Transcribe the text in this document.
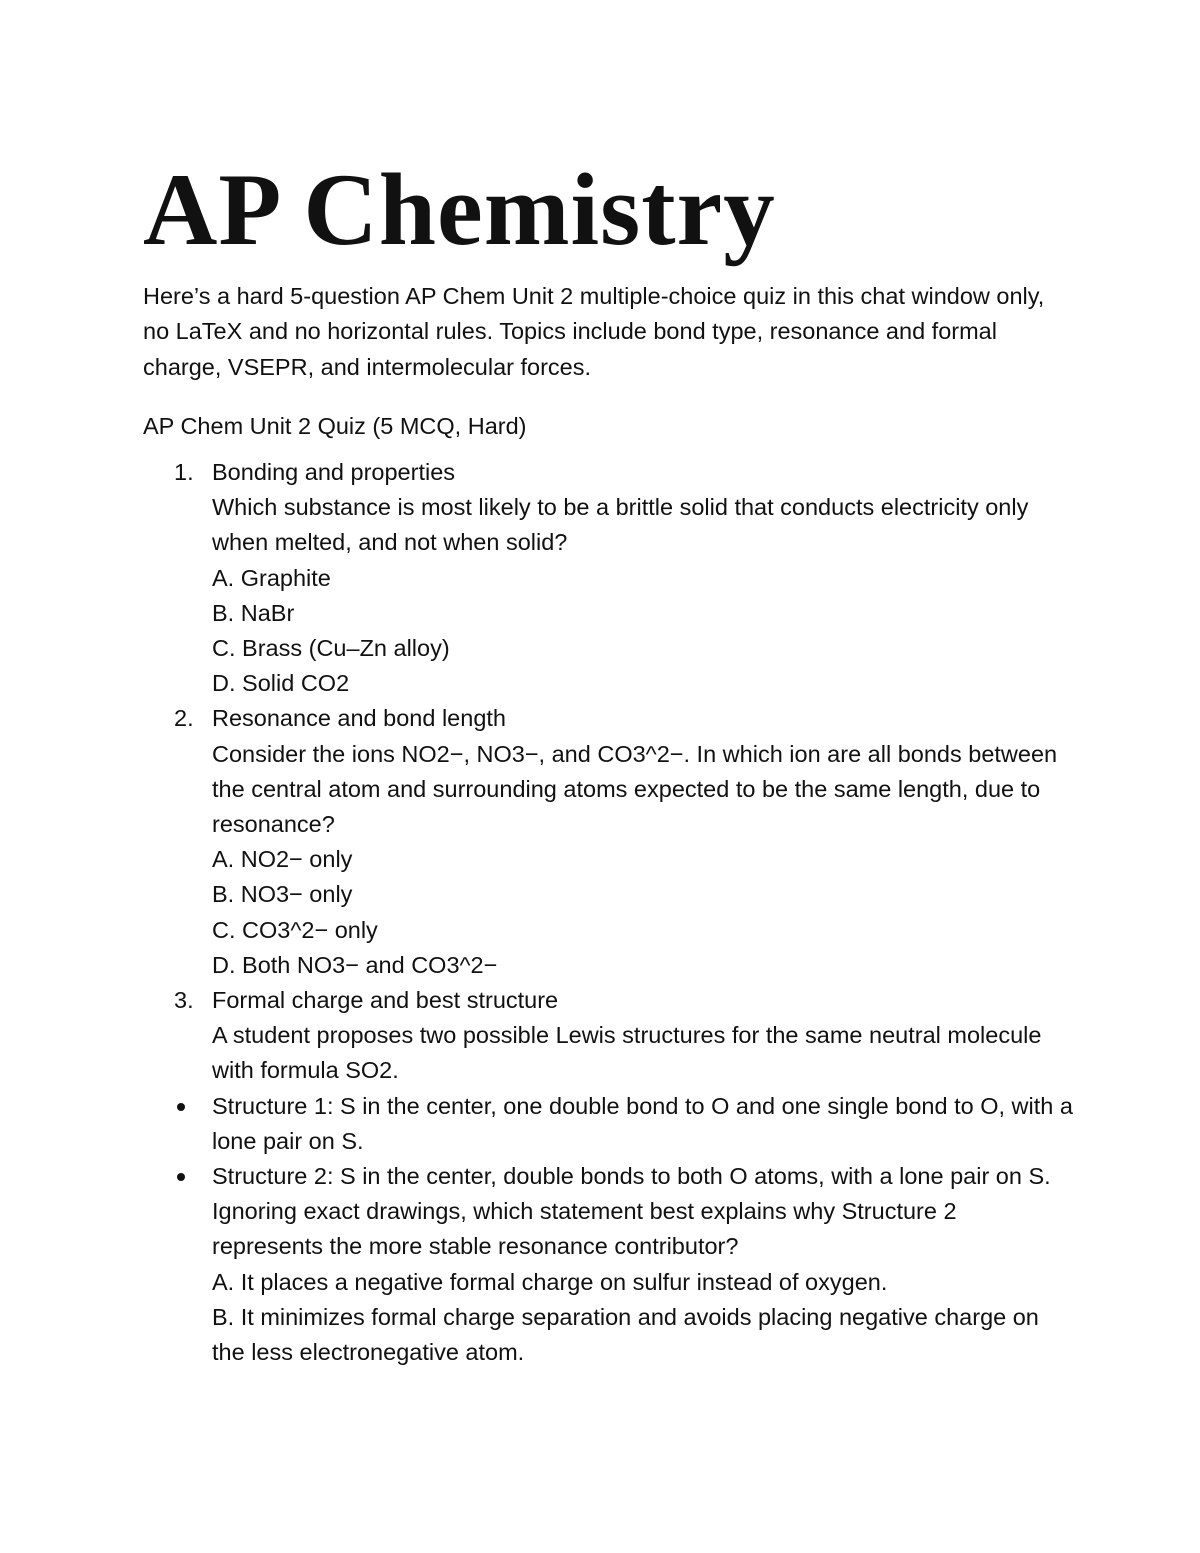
AP Chemistry

Here’s a hard 5-question AP Chem Unit 2 multiple-choice quiz in this chat window only, no LaTeX and no horizontal rules. Topics include bond type, resonance and formal charge, VSEPR, and intermolecular forces.

AP Chem Unit 2 Quiz (5 MCQ, Hard)

1. Bonding and properties
Which substance is most likely to be a brittle solid that conducts electricity only when melted, and not when solid?
A. Graphite
B. NaBr
C. Brass (Cu–Zn alloy)
D. Solid CO2
2. Resonance and bond length
Consider the ions NO2−, NO3−, and CO3^2−. In which ion are all bonds between the central atom and surrounding atoms expected to be the same length, due to resonance?
A. NO2− only
B. NO3− only
C. CO3^2− only
D. Both NO3− and CO3^2−
3. Formal charge and best structure
A student proposes two possible Lewis structures for the same neutral molecule with formula SO2.
Structure 1: S in the center, one double bond to O and one single bond to O, with a lone pair on S.
Structure 2: S in the center, double bonds to both O atoms, with a lone pair on S.
Ignoring exact drawings, which statement best explains why Structure 2 represents the more stable resonance contributor?
A. It places a negative formal charge on sulfur instead of oxygen.
B. It minimizes formal charge separation and avoids placing negative charge on the less electronegative atom.
